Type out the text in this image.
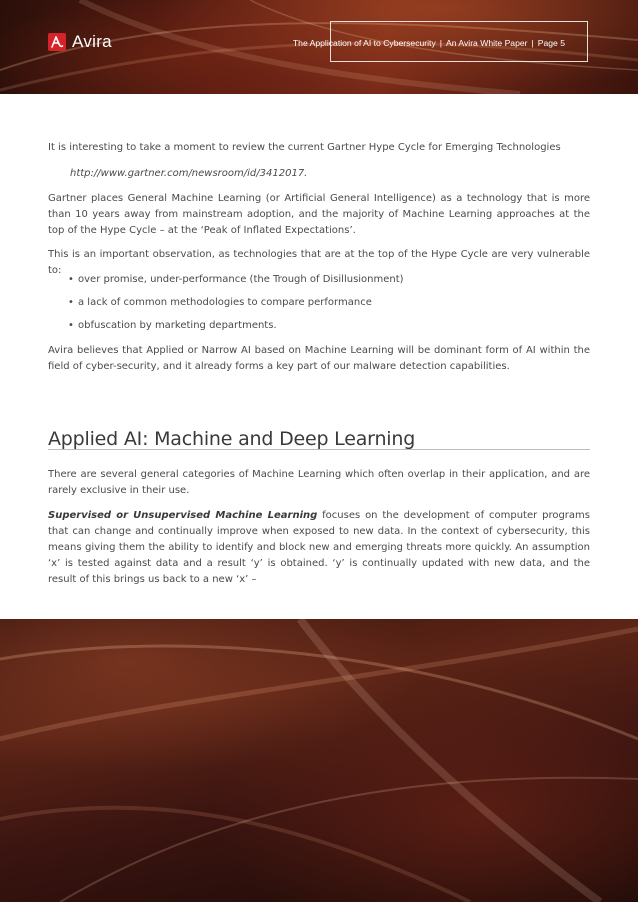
Avira	The Application of AI to Cybersecurity | An Avira White Paper | Page 5

It is interesting to take a moment to review the current Gartner Hype Cycle for Emerging Technologies

http://www.gartner.com/newsroom/id/3412017.

Gartner places General Machine Learning (or Artificial General Intelligence) as a technology that is more than 10 years away from mainstream adoption, and the majority of Machine Learning approaches at the top of the Hype Cycle – at the ‘Peak of Inflated Expectations’.

This is an important observation, as technologies that are at the top of the Hype Cycle are very vulnerable to:

• over promise, under-performance (the Trough of Disillusionment)
• a lack of common methodologies to compare performance
• obfuscation by marketing departments.

Avira believes that Applied or Narrow AI based on Machine Learning will be dominant form of AI within the field of cyber-security, and it already forms a key part of our malware detection capabilities.

Applied AI: Machine and Deep Learning

There are several general categories of Machine Learning which often overlap in their application, and are rarely exclusive in their use.

Supervised or Unsupervised Machine Learning focuses on the development of computer programs that can change and continually improve when exposed to new data. In the context of cybersecurity, this means giving them the ability to identify and block new and emerging threats more quickly. An assumption ‘x’ is tested against data and a result ‘y’ is obtained. ‘y’ is continually updated with new data, and the result of this brings us back to a new ‘x’ –
